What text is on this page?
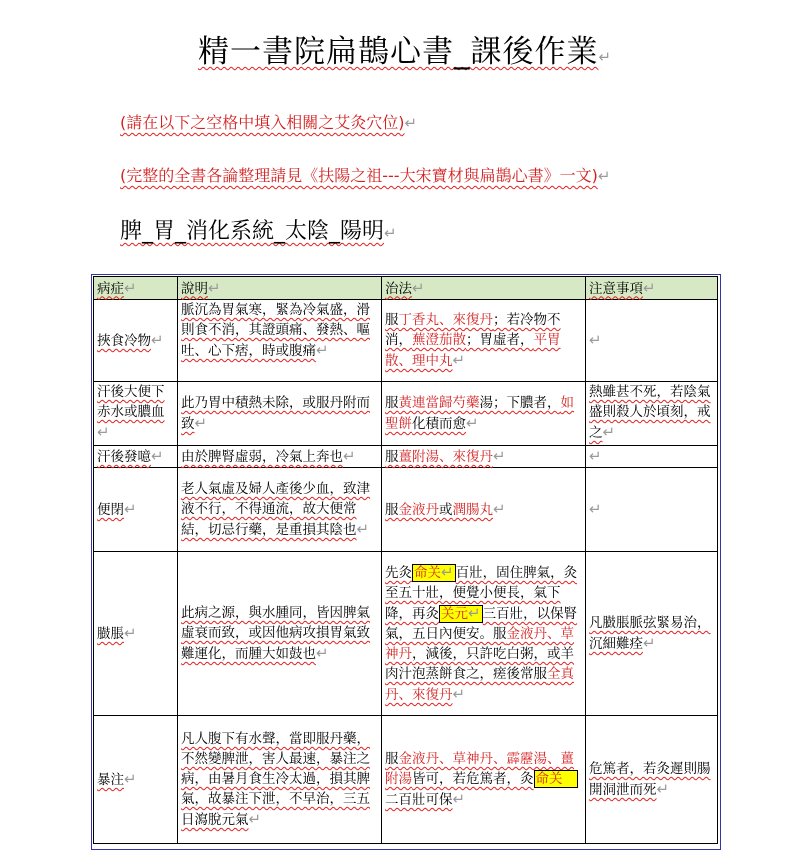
精一書院扁鵲心書_課後作業↵
(請在以下之空格中填入相關之艾灸穴位)↵
(完整的全書各論整理請見《扶陽之祖---大宋寶材與扁鵲心書》一文)↵
脾_胃_消化系統_太陰_陽明↵
病症↵	說明↵	治法↵	注意事項↵
挾食冷物↵	脈沉為胃氣寒，緊為冷氣盛，滑則食不消，其證頭痛、發熱、嘔吐、心下痞，時或腹痛↵	服丁香丸、來復丹；若冷物不消，蕪澄茄散；胃虛者，平胃散、理中丸↵	↵
汗後大便下赤水或膿血↵	此乃胃中積熱未除，或服丹附而致↵	服黃連當歸芍藥湯；下膿者，如聖餅化積而愈↵	熱雖甚不死，若陰氣盛則殺人於頃刻，戒之↵
汗後發噫↵	由於脾腎虛弱，冷氣上奔也↵	服薑附湯、來復丹↵	↵
便閉↵	老人氣虛及婦人產後少血，致津液不行，不得通流，故大便常結，切忌行藥，是重損其陰也↵	服金液丹或潤腸丸↵	↵
臌脹↵	此病之源，與水腫同，皆因脾氣虛衰而致，或因他病攻損胃氣致難運化，而腫大如鼓也↵	先灸 命关↵ 百壯，固住脾氣，灸至五十壯，便覺小便長，氣下降，再灸 关元↵ 三百壯，以保腎氣，五日內便安。服金液丹、草神丹，減後，只許吃白粥，或羊肉汁泡蒸餅食之，瘥後常服全真丹、來復丹↵	凡臌脹脈弦緊易治，沉細難痊↵
暴注↵	凡人腹下有水聲，當即服丹藥，不然變脾泄，害人最速，暴注之病，由暑月食生冷太過，損其脾氣，故暴注下泄，不早治，三五日瀉脫元氣↵	服金液丹、草神丹、霹靂湯、薑附湯皆可，若危篤者，灸 命关 二百壯可保↵	危篤者，若灸遲則腸開洞泄而死↵
